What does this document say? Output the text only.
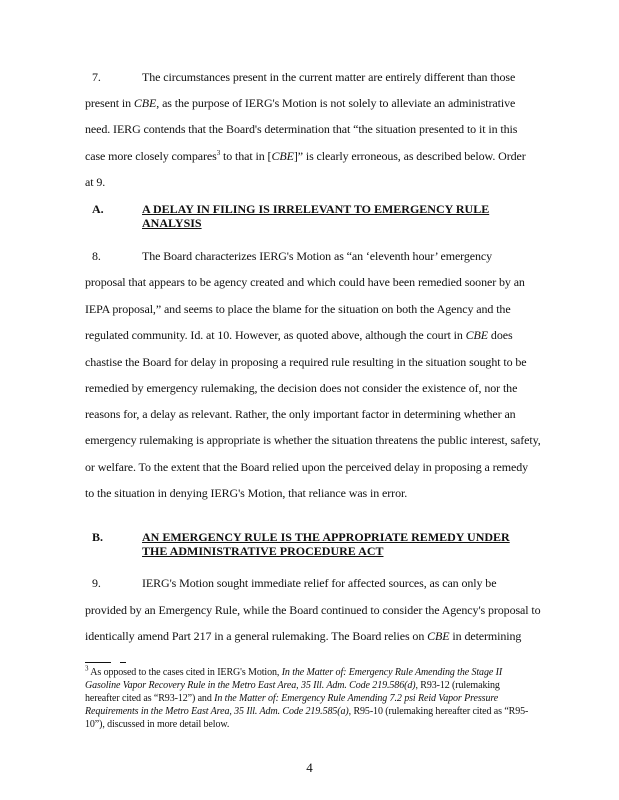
4
7.	The circumstances present in the current matter are entirely different than those
present in CBE, as the purpose of IERG's Motion is not solely to alleviate an administrative
need. IERG contends that the Board's determination that “the situation presented to it in this
case more closely compares$^3$ to that in [CBE]” is clearly erroneous, as described below. Order
at 9.
8.	The Board characterizes IERG's Motion as “an ‘eleventh hour’ emergency
proposal that appears to be agency created and which could have been remedied sooner by an
IEPA proposal,” and seems to place the blame for the situation on both the Agency and the
regulated community. Id. at 10. However, as quoted above, although the court in CBE does
chastise the Board for delay in proposing a required rule resulting in the situation sought to be
remedied by emergency rulemaking, the decision does not consider the existence of, nor the
reasons for, a delay as relevant. Rather, the only important factor in determining whether an
emergency rulemaking is appropriate is whether the situation threatens the public interest, safety,
or welfare. To the extent that the Board relied upon the perceived delay in proposing a remedy
to the situation in denying IERG's Motion, that reliance was in error.
9.	IERG's Motion sought immediate relief for affected sources, as can only be
provided by an Emergency Rule, while the Board continued to consider the Agency's proposal to
identically amend Part 217 in a general rulemaking. The Board relies on CBE in determining
A.	A DELAY IN FILING IS IRRELEVANT TO EMERGENCY RULE
ANALYSIS
B.	AN EMERGENCY RULE IS THE APPROPRIATE REMEDY UNDER
THE ADMINISTRATIVE PROCEDURE ACT
$^3$ As opposed to the cases cited in IERG's Motion, In the Matter of: Emergency Rule Amending the Stage II
Gasoline Vapor Recovery Rule in the Metro East Area, 35 Ill. Adm. Code 219.586(d), R93-12 (rulemaking
hereafter cited as “R93-12”) and In the Matter of: Emergency Rule Amending 7.2 psi Reid Vapor Pressure
Requirements in the Metro East Area, 35 Ill. Adm. Code 219.585(a), R95-10 (rulemaking hereafter cited as “R95-
10”), discussed in more detail below.
